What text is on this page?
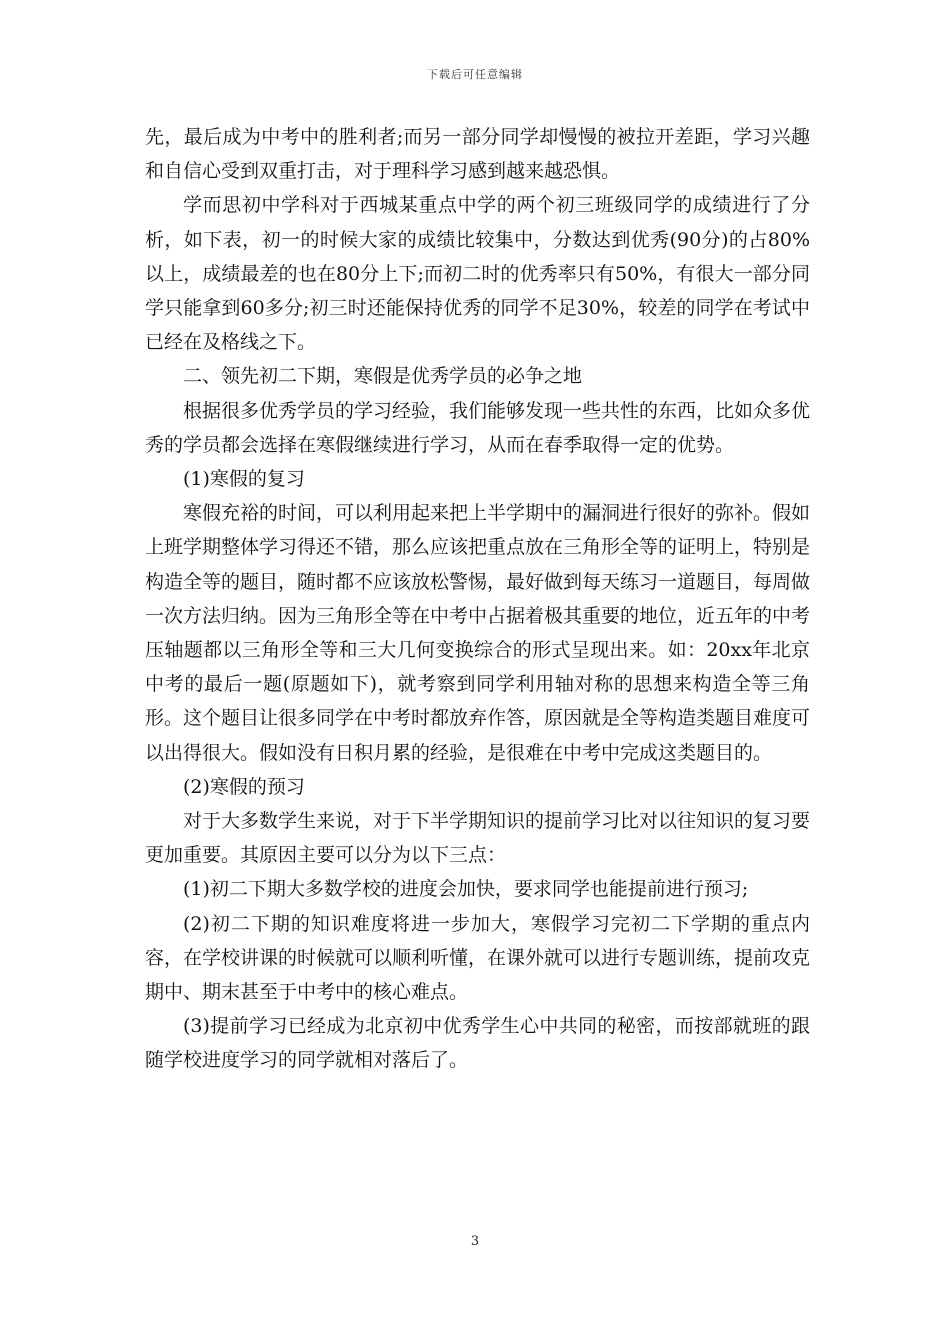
下载后可任意编辑

先，最后成为中考中的胜利者;而另一部分同学却慢慢的被拉开差距，学习兴趣和自信心受到双重打击，对于理科学习感到越来越恐惧。

学而思初中学科对于西城某重点中学的两个初三班级同学的成绩进行了分析，如下表，初一的时候大家的成绩比较集中，分数达到优秀(90分)的占80%以上，成绩最差的也在80分上下;而初二时的优秀率只有50%，有很大一部分同学只能拿到60多分;初三时还能保持优秀的同学不足30%，较差的同学在考试中已经在及格线之下。

二、领先初二下期，寒假是优秀学员的必争之地

根据很多优秀学员的学习经验，我们能够发现一些共性的东西，比如众多优秀的学员都会选择在寒假继续进行学习，从而在春季取得一定的优势。

(1)寒假的复习

寒假充裕的时间，可以利用起来把上半学期中的漏洞进行很好的弥补。假如上班学期整体学习得还不错，那么应该把重点放在三角形全等的证明上，特别是构造全等的题目，随时都不应该放松警惕，最好做到每天练习一道题目，每周做一次方法归纳。因为三角形全等在中考中占据着极其重要的地位，近五年的中考压轴题都以三角形全等和三大几何变换综合的形式呈现出来。如：20xx年北京中考的最后一题(原题如下)，就考察到同学利用轴对称的思想来构造全等三角形。这个题目让很多同学在中考时都放弃作答，原因就是全等构造类题目难度可以出得很大。假如没有日积月累的经验，是很难在中考中完成这类题目的。

(2)寒假的预习

对于大多数学生来说，对于下半学期知识的提前学习比对以往知识的复习要更加重要。其原因主要可以分为以下三点：

(1)初二下期大多数学校的进度会加快，要求同学也能提前进行预习;

(2)初二下期的知识难度将进一步加大，寒假学习完初二下学期的重点内容，在学校讲课的时候就可以顺利听懂，在课外就可以进行专题训练，提前攻克期中、期末甚至于中考中的核心难点。

(3)提前学习已经成为北京初中优秀学生心中共同的秘密，而按部就班的跟随学校进度学习的同学就相对落后了。

3
